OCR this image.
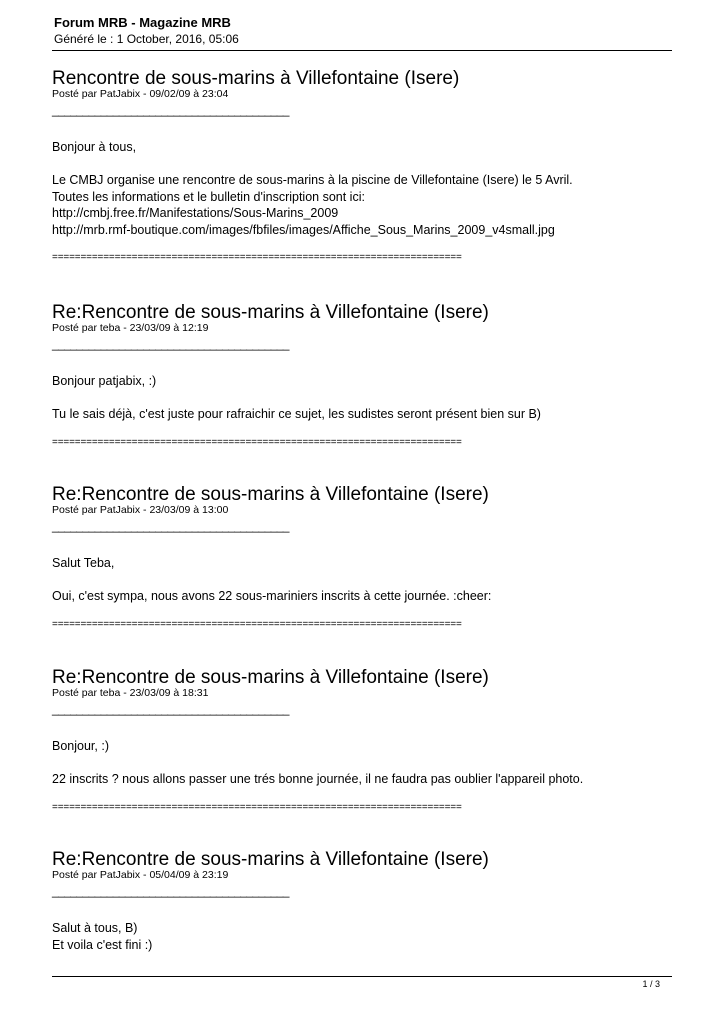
Forum MRB - Magazine MRB
Généré le : 1 October, 2016, 05:06
Rencontre de sous-marins à Villefontaine (Isere)
Posté par PatJabix - 09/02/09 à 23:04
_______________________________________

Bonjour à tous,

Le CMBJ organise une rencontre de sous-marins à la piscine de Villefontaine (Isere) le 5 Avril.
Toutes les informations et le bulletin d'inscription sont ici:
http://cmbj.free.fr/Manifestations/Sous-Marins_2009
http://mrb.rmf-boutique.com/images/fbfiles/images/Affiche_Sous_Marins_2009_v4small.jpg

========================================================================
Re:Rencontre de sous-marins à Villefontaine (Isere)
Posté par teba - 23/03/09 à 12:19
_______________________________________

Bonjour patjabix, :)

Tu le sais déjà, c'est juste pour rafraichir ce sujet, les sudistes seront présent bien sur B)

========================================================================
Re:Rencontre de sous-marins à Villefontaine (Isere)
Posté par PatJabix - 23/03/09 à 13:00
_______________________________________

Salut Teba,

Oui, c'est sympa, nous avons 22 sous-mariniers inscrits à cette journée. :cheer:

========================================================================
Re:Rencontre de sous-marins à Villefontaine (Isere)
Posté par teba - 23/03/09 à 18:31
_______________________________________

Bonjour, :)

22 inscrits ? nous allons passer une trés bonne journée, il ne faudra pas oublier l'appareil photo.

========================================================================
Re:Rencontre de sous-marins à Villefontaine (Isere)
Posté par PatJabix - 05/04/09 à 23:19
_______________________________________

Salut à tous, B)
Et voila c'est fini :)

1 / 3
